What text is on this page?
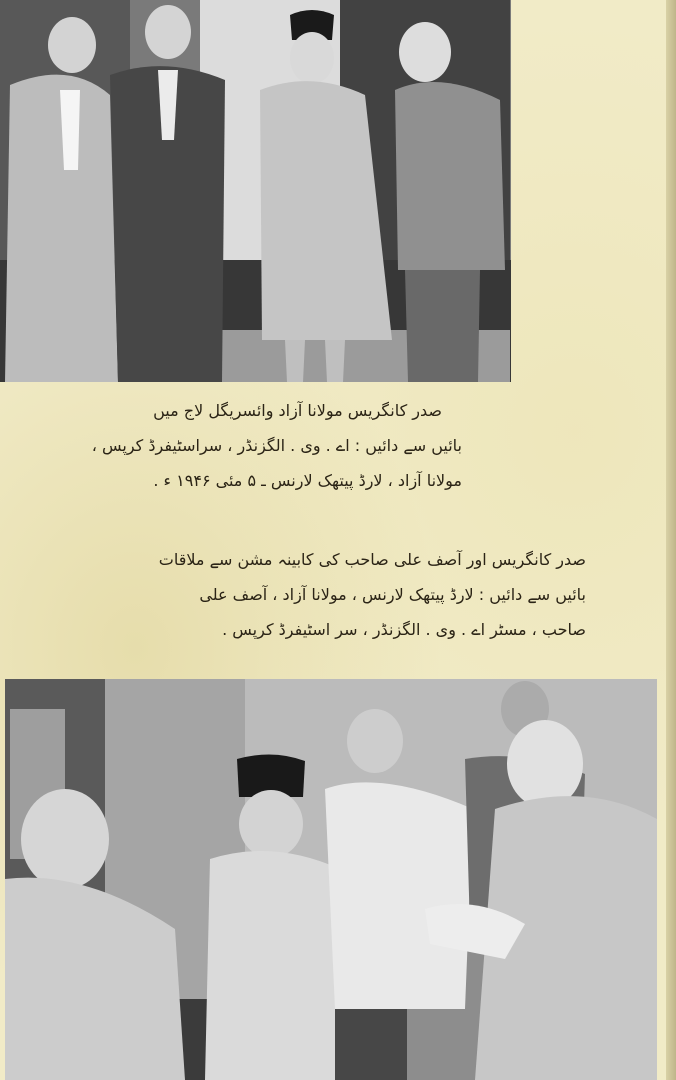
صدر کانگریس مولانا آزاد وائسریگل لاج میں
بائیں سے دائیں : اے . وی . الگزنڈر ، سراسٹیفرڈ کرپس ،
مولانا آزاد ، لارڈ پیتھک لارنس ـ ۵ مئی ۱۹۴۶ ء .
صدر کانگریس اور آصف علی صاحب کی کابینہ مشن سے ملاقات
بائیں سے دائیں : لارڈ پیتھک لارنس ، مولانا آزاد ، آصف علی
صاحب ، مسٹر اے . وی . الگزنڈر ، سر اسٹیفرڈ کرپس .
